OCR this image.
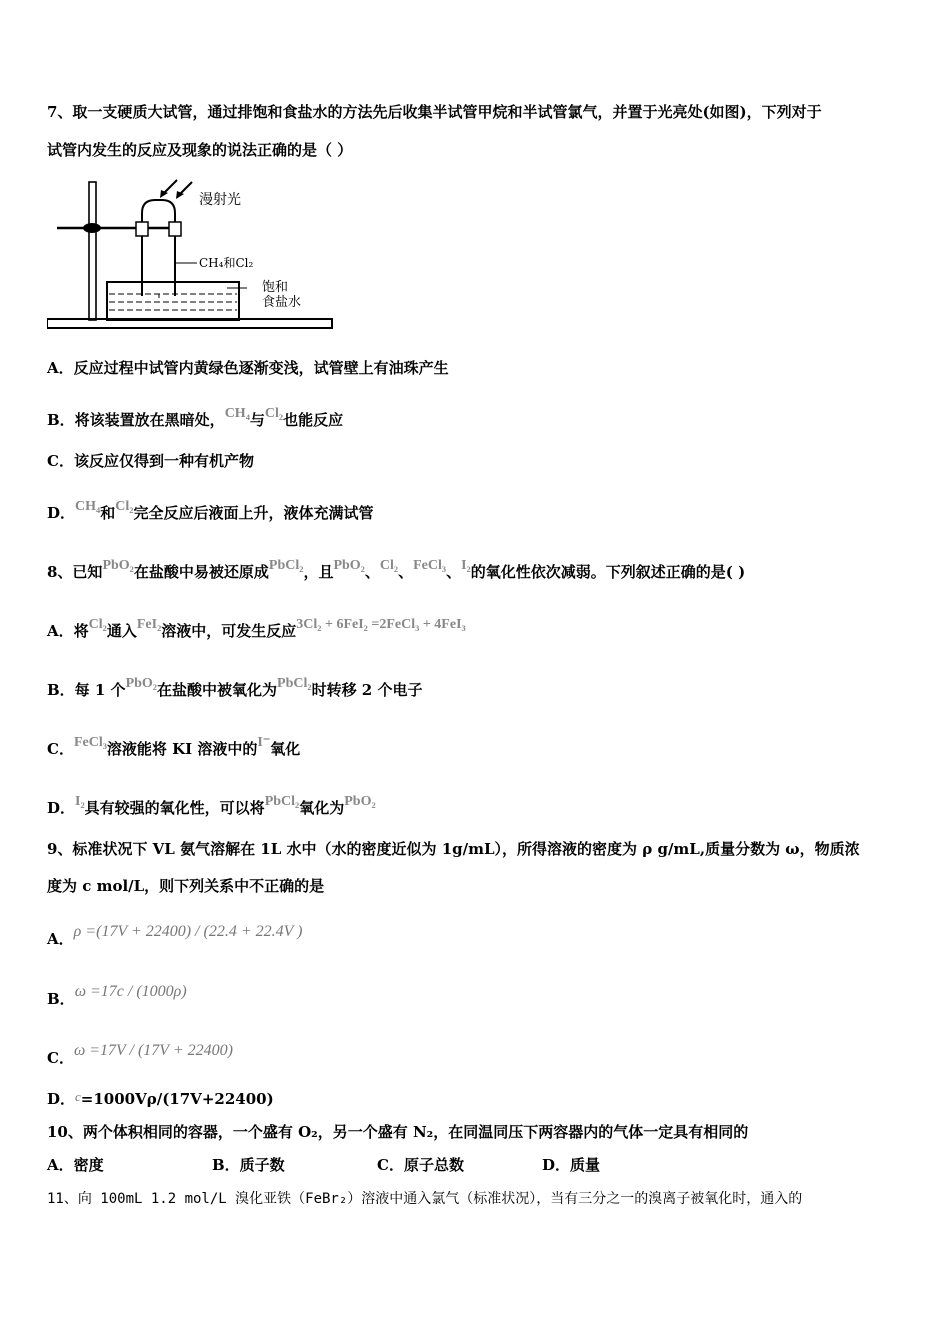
7、取一支硬质大试管，通过排饱和食盐水的方法先后收集半试管甲烷和半试管氯气，并置于光亮处(如图)，下列对于
试管内发生的反应及现象的说法正确的是（ ）
漫射光
CH₄和Cl₂
饱和
食盐水
A．反应过程中试管内黄绿色逐渐变浅，试管壁上有油珠产生
B．将该装置放在黑暗处，CH₄与Cl₂也能反应
C．该反应仅得到一种有机产物
D．CH₄和Cl₂完全反应后液面上升，液体充满试管
8、已知PbO₂在盐酸中易被还原成PbCl₂，且PbO₂、Cl₂、FeCl₃、I₂的氧化性依次减弱。下列叙述正确的是( )
A．将Cl₂通入FeI₂溶液中，可发生反应3Cl₂ + 6FeI₂ =2FeCl₃ + 4FeI₃
B．每 1 个PbO₂在盐酸中被氧化为PbCl₂时转移 2 个电子
C．FeCl₃溶液能将 KI 溶液中的I⁻氧化
D．I₂具有较强的氧化性，可以将PbCl₂氧化为PbO₂
9、标准状况下 VL 氨气溶解在 1L 水中（水的密度近似为 1g/mL），所得溶液的密度为 ρ g/mL,质量分数为 ω，物质浓
度为 c mol/L，则下列关系中不正确的是
A．ρ =(17V + 22400) / (22.4 + 22.4V )
B．ω =17c / (1000ρ)
C．ω =17V / (17V + 22400)
D．c=1000Vρ/(17V+22400)
10、两个体积相同的容器，一个盛有 O₂，另一个盛有 N₂，在同温同压下两容器内的气体一定具有相同的
A．密度	B．质子数	C．原子总数	D．质量
11、向 100mL 1.2 mol/L 溴化亚铁（FeBr₂）溶液中通入氯气（标准状况），当有三分之一的溴离子被氧化时，通入的
